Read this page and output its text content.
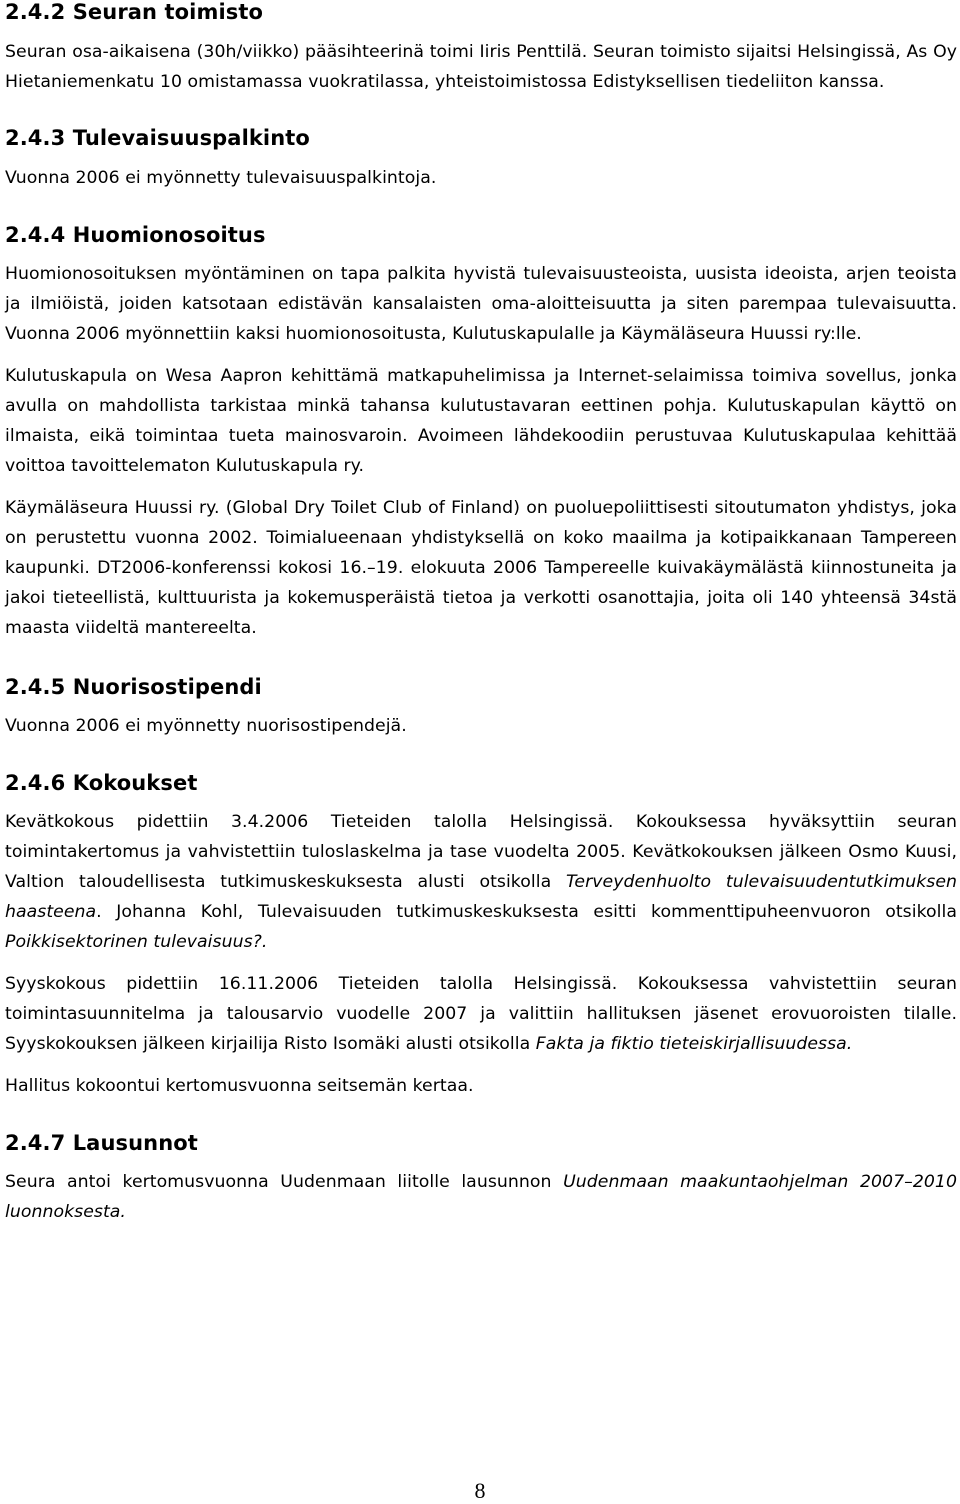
2.4.2 Seuran toimisto

Seuran osa-aikaisena (30h/viikko) pääsihteerinä toimi Iiris Penttilä. Seuran toimisto sijaitsi Helsingissä, As Oy Hietaniemenkatu 10 omistamassa vuokratilassa, yhteistoimistossa Edistyksellisen tiedeliiton kanssa.

2.4.3 Tulevaisuuspalkinto

Vuonna 2006 ei myönnetty tulevaisuuspalkintoja.

2.4.4 Huomionosoitus

Huomionosoituksen myöntäminen on tapa palkita hyvistä tulevaisuusteoista, uusista ideoista, arjen teoista ja ilmiöistä, joiden katsotaan edistävän kansalaisten oma-aloitteisuutta ja siten parempaa tulevaisuutta. Vuonna 2006 myönnettiin kaksi huomionosoitusta, Kulutuskapulalle ja Käymäläseura Huussi ry:lle.

Kulutuskapula on Wesa Aapron kehittämä matkapuhelimissa ja Internet-selaimissa toimiva sovellus, jonka avulla on mahdollista tarkistaa minkä tahansa kulutustavaran eettinen pohja. Kulutuskapulan käyttö on ilmaista, eikä toimintaa tueta mainosvaroin. Avoimeen lähdekoodiin perustuvaa Kulutuskapulaa kehittää voittoa tavoittelematon Kulutuskapula ry.

Käymäläseura Huussi ry. (Global Dry Toilet Club of Finland) on puoluepoliittisesti sitoutumaton yhdistys, joka on perustettu vuonna 2002. Toimialueenaan yhdistyksellä on koko maailma ja kotipaikkanaan Tampereen kaupunki. DT2006-konferenssi kokosi 16.–19. elokuuta 2006 Tampereelle kuivakäymälästä kiinnostuneita ja jakoi tieteellistä, kulttuurista ja kokemusperäistä tietoa ja verkotti osanottajia, joita oli 140 yhteensä 34stä maasta viideltä mantereelta.

2.4.5 Nuorisostipendi

Vuonna 2006 ei myönnetty nuorisostipendejä.

2.4.6 Kokoukset

Kevätkokous pidettiin 3.4.2006 Tieteiden talolla Helsingissä. Kokouksessa hyväksyttiin seuran toimintakertomus ja vahvistettiin tuloslaskelma ja tase vuodelta 2005. Kevätkokouksen jälkeen Osmo Kuusi, Valtion taloudellisesta tutkimuskeskuksesta alusti otsikolla Terveydenhuolto tulevaisuudentutkimuksen haasteena. Johanna Kohl, Tulevaisuuden tutkimuskeskuksesta esitti kommenttipuheenvuoron otsikolla Poikkisektorinen tulevaisuus?.

Syyskokous pidettiin 16.11.2006 Tieteiden talolla Helsingissä. Kokouksessa vahvistettiin seuran toimintasuunnitelma ja talousarvio vuodelle 2007 ja valittiin hallituksen jäsenet erovuoroisten tilalle. Syyskokouksen jälkeen kirjailija Risto Isomäki alusti otsikolla Fakta ja fiktio tieteiskirjallisuudessa.

Hallitus kokoontui kertomusvuonna seitsemän kertaa.

2.4.7 Lausunnot

Seura antoi kertomusvuonna Uudenmaan liitolle lausunnon Uudenmaan maakuntaohjelman 2007–2010 luonnoksesta.

8
